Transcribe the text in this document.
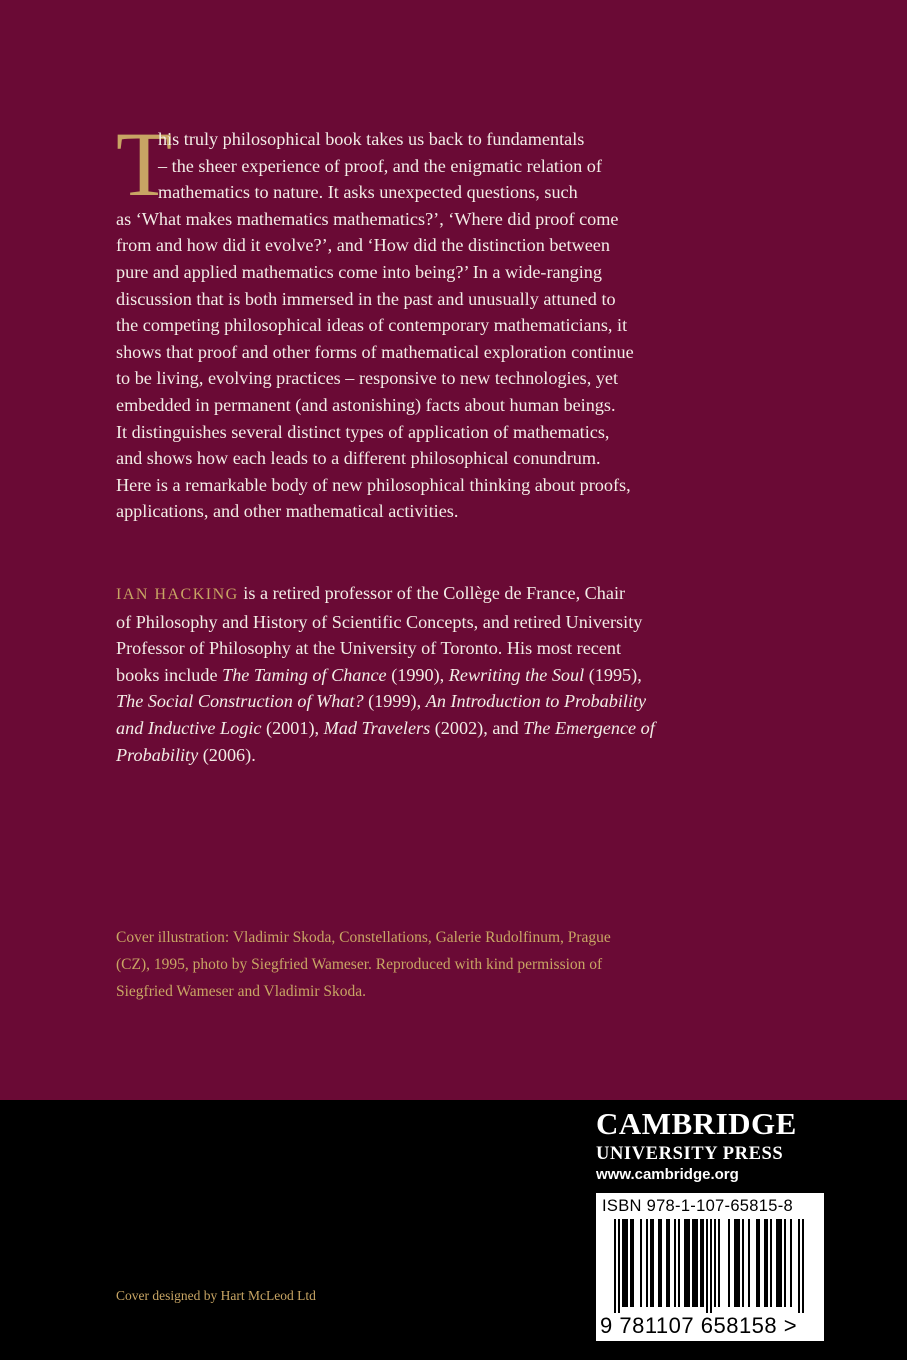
T
his truly philosophical book takes us back to fundamentals
– the sheer experience of proof, and the enigmatic relation of
mathematics to nature. It asks unexpected questions, such
as ‘What makes mathematics mathematics?’, ‘Where did proof come
from and how did it evolve?’, and ‘How did the distinction between
pure and applied mathematics come into being?’ In a wide-ranging
discussion that is both immersed in the past and unusually attuned to
the competing philosophical ideas of contemporary mathematicians, it
shows that proof and other forms of mathematical exploration continue
to be living, evolving practices – responsive to new technologies, yet
embedded in permanent (and astonishing) facts about human beings.
It distinguishes several distinct types of application of mathematics,
and shows how each leads to a different philosophical conundrum.
Here is a remarkable body of new philosophical thinking about proofs,
applications, and other mathematical activities.
IAN HACKING is a retired professor of the Collège de France, Chair
of Philosophy and History of Scientific Concepts, and retired University
Professor of Philosophy at the University of Toronto. His most recent
books include The Taming of Chance (1990), Rewriting the Soul (1995),
The Social Construction of What? (1999), An Introduction to Probability
and Inductive Logic (2001), Mad Travelers (2002), and The Emergence of
Probability (2006).
Cover illustration: Vladimir Skoda, Constellations, Galerie Rudolfinum, Prague
(CZ), 1995, photo by Siegfried Wameser. Reproduced with kind permission of
Siegfried Wameser and Vladimir Skoda.
Cover designed by Hart McLeod Ltd
CAMBRIDGE
UNIVERSITY PRESS
www.cambridge.org
ISBN 978-1-107-65815-8
9 781107 658158 >
